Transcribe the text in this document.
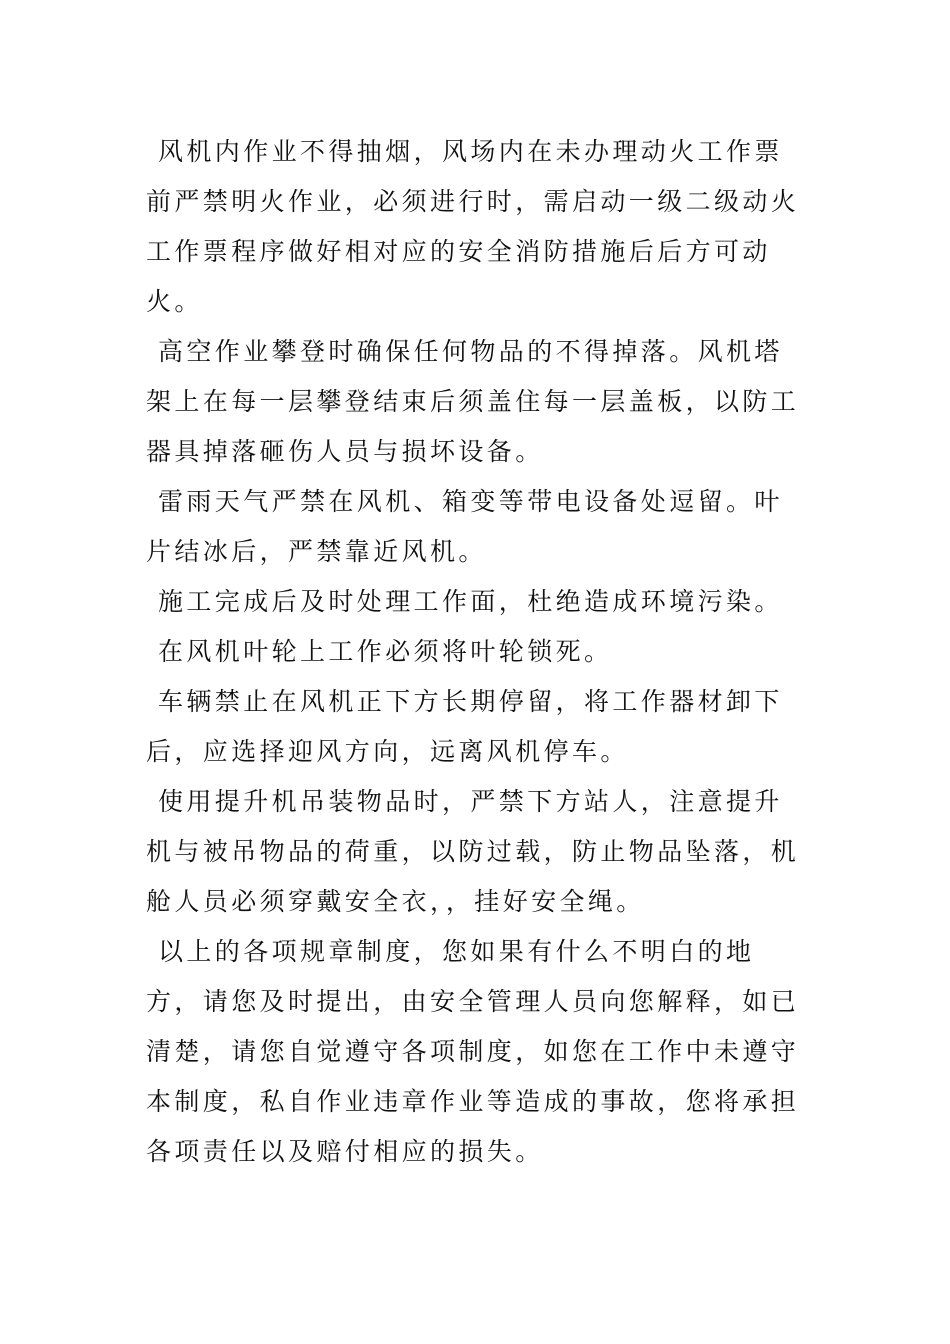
风机内作业不得抽烟，风场内在未办理动火工作票前严禁明火作业，必须进行时，需启动一级二级动火工作票程序做好相对应的安全消防措施后后方可动火。

高空作业攀登时确保任何物品的不得掉落。风机塔架上在每一层攀登结束后须盖住每一层盖板，以防工器具掉落砸伤人员与损坏设备。

雷雨天气严禁在风机、箱变等带电设备处逗留。叶片结冰后，严禁靠近风机。

施工完成后及时处理工作面，杜绝造成环境污染。

在风机叶轮上工作必须将叶轮锁死。

车辆禁止在风机正下方长期停留，将工作器材卸下后，应选择迎风方向，远离风机停车。

使用提升机吊装物品时，严禁下方站人，注意提升机与被吊物品的荷重，以防过载，防止物品坠落，机舱人员必须穿戴安全衣，，挂好安全绳。

以上的各项规章制度，您如果有什么不明白的地方，请您及时提出，由安全管理人员向您解释，如已清楚，请您自觉遵守各项制度，如您在工作中未遵守本制度，私自作业违章作业等造成的事故，您将承担各项责任以及赔付相应的损失。
